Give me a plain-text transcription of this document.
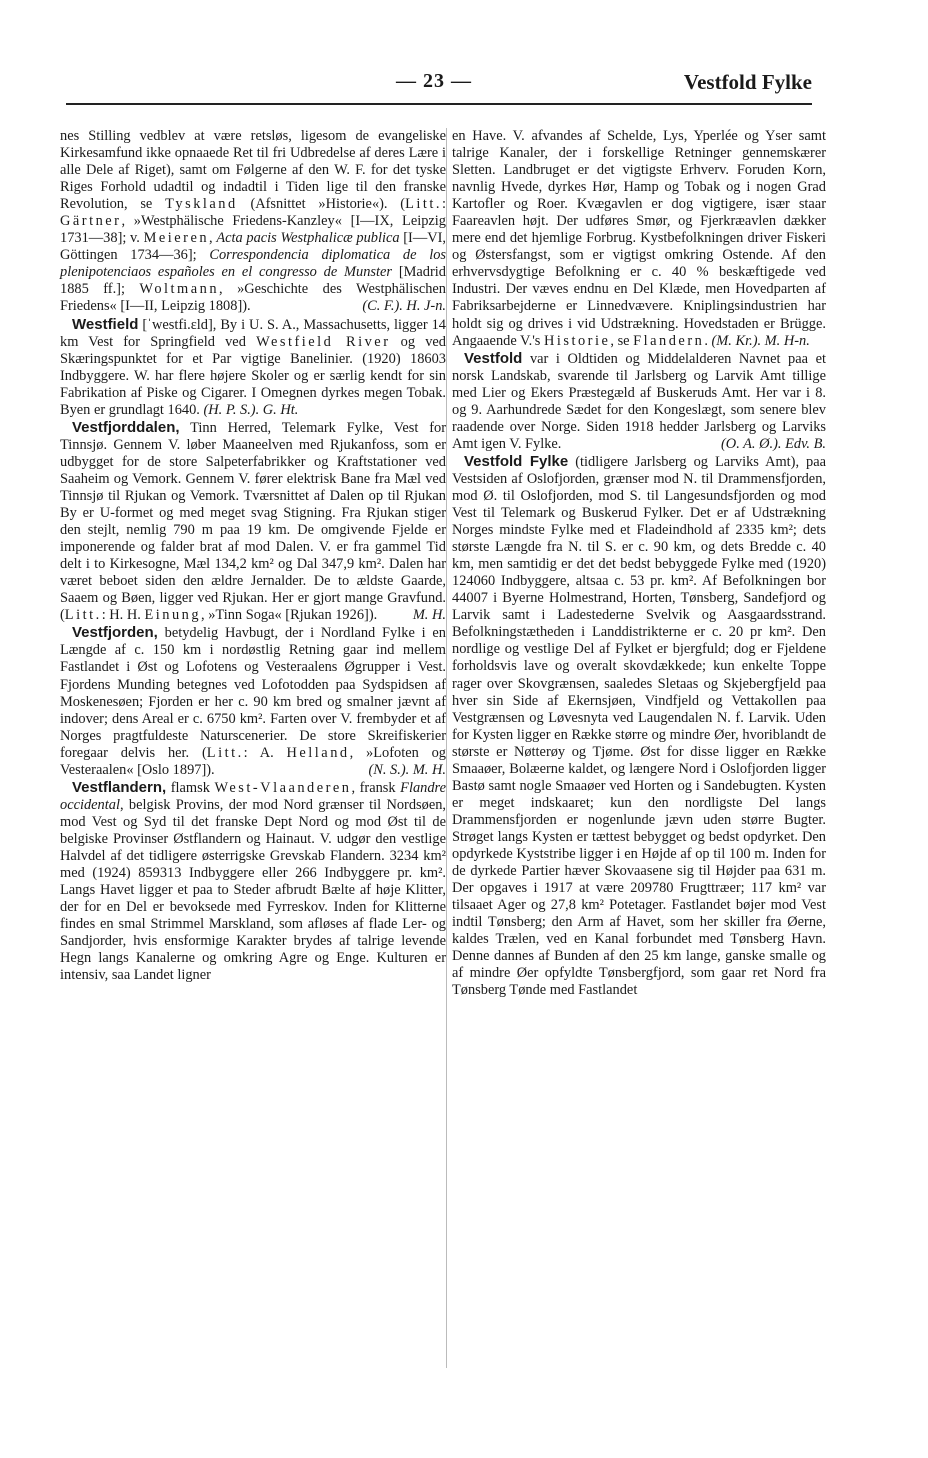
— 23 —	Vestfold Fylke

nes Stilling vedblev at være retsløs, ligesom de evangeliske Kirkesamfund ikke opnaaede Ret til fri Udbredelse af deres Lære i alle Dele af Riget), samt om Følgerne af den W. F. for det tyske Riges Forhold udadtil og indadtil i Tiden lige til den franske Revolution, se Tyskland (Afsnittet »Historie«). (Litt.: Gärtner, »Westphälische Friedens-Kanzley« [I—IX, Leipzig 1731—38]; v. Meieren, Acta pacis Westphalicæ publica [I—VI, Göttingen 1734—36]; Correspondencia diplomatica de los plenipotenciaos españoles en el congresso de Munster [Madrid 1885 ff.]; Woltmann, »Geschichte des Westphälischen Friedens« [I—II, Leipzig 1808]).	(C. F.). H. J-n.

Westfield [ˈwestfi.ɛld], By i U. S. A., Massachusetts, ligger 14 km Vest for Springfield ved Westfield River og ved Skæringspunktet for et Par vigtige Banelinier. (1920) 18603 Indbyggere. W. har flere højere Skoler og er særlig kendt for sin Fabrikation af Piske og Cigarer. I Omegnen dyrkes megen Tobak. Byen er grundlagt 1640. (H. P. S.). G. Ht.

Vestfjorddalen, Tinn Herred, Telemark Fylke, Vest for Tinnsjø. Gennem V. løber Maaneelven med Rjukanfoss, som er udbygget for de store Salpeterfabrikker og Kraftstationer ved Saaheim og Vemork. Gennem V. fører elektrisk Bane fra Mæl ved Tinnsjø til Rjukan og Vemork. Tværsnittet af Dalen op til Rjukan By er U-formet og med meget svag Stigning. Fra Rjukan stiger den stejlt, nemlig 790 m paa 19 km. De omgivende Fjelde er imponerende og falder brat af mod Dalen. V. er fra gammel Tid delt i to Kirkesogne, Mæl 134,2 km² og Dal 347,9 km². Dalen har været beboet siden den ældre Jernalder. De to ældste Gaarde, Saaem og Bøen, ligger ved Rjukan. Her er gjort mange Gravfund. (Litt.: H. H. Einung, »Tinn Soga« [Rjukan 1926]).	M. H.

Vestfjorden, betydelig Havbugt, der i Nordland Fylke i en Længde af c. 150 km i nordøstlig Retning gaar ind mellem Fastlandet i Øst og Lofotens og Vesteraalens Øgrupper i Vest. Fjordens Munding betegnes ved Lofotodden paa Sydspidsen af Moskenesøen; Fjorden er her c. 90 km bred og smalner jævnt af indover; dens Areal er c. 6750 km². Farten over V. frembyder et af Norges pragtfuldeste Naturscenerier. De store Skreifiskerier foregaar delvis her. (Litt.: A. Helland, »Lofoten og Vesteraalen« [Oslo 1897]).	(N. S.). M. H.

Vestflandern, flamsk West-Vlaanderen, fransk Flandre occidental, belgisk Provins, der mod Nord grænser til Nordsøen, mod Vest og Syd til det franske Dept Nord og mod Øst til de belgiske Provinser Østflandern og Hainaut. V. udgør den vestlige Halvdel af det tidligere østerrigske Grevskab Flandern. 3234 km² med (1924) 859313 Indbyggere eller 266 Indbyggere pr. km². Langs Havet ligger et paa to Steder afbrudt Bælte af høje Klitter, der for en Del er bevoksede med Fyrreskov. Inden for Klitterne findes en smal Strimmel Marskland, som afløses af flade Ler- og Sandjorder, hvis ensformige Karakter brydes af talrige levende Hegn langs Kanalerne og omkring Agre og Enge. Kulturen er intensiv, saa Landet ligner

en Have. V. afvandes af Schelde, Lys, Yperlée og Yser samt talrige Kanaler, der i forskellige Retninger gennemskærer Sletten. Landbruget er det vigtigste Erhverv. Foruden Korn, navnlig Hvede, dyrkes Hør, Hamp og Tobak og i nogen Grad Kartofler og Roer. Kvægavlen er dog vigtigere, især staar Faareavlen højt. Der udføres Smør, og Fjerkræavlen dækker mere end det hjemlige Forbrug. Kystbefolkningen driver Fiskeri og Østersfangst, som er vigtigst omkring Ostende. Af den erhvervsdygtige Befolkning er c. 40 % beskæftigede ved Industri. Der væves endnu en Del Klæde, men Hovedparten af Fabriksarbejderne er Linnedvævere. Kniplingsindustrien har holdt sig og drives i vid Udstrækning. Hovedstaden er Brügge. Angaaende V.'s Historie, se Flandern. (M. Kr.). M. H-n.

Vestfold var i Oldtiden og Middelalderen Navnet paa et norsk Landskab, svarende til Jarlsberg og Larvik Amt tillige med Lier og Ekers Præstegæld af Buskeruds Amt. Her var i 8. og 9. Aarhundrede Sædet for den Kongeslægt, som senere blev raadende over Norge. Siden 1918 hedder Jarlsberg og Larviks Amt igen V. Fylke.	(O. A. Ø.). Edv. B.

Vestfold Fylke (tidligere Jarlsberg og Larviks Amt), paa Vestsiden af Oslofjorden, grænser mod N. til Drammensfjorden, mod Ø. til Oslofjorden, mod S. til Langesundsfjorden og mod Vest til Telemark og Buskerud Fylker. Det er af Udstrækning Norges mindste Fylke med et Fladeindhold af 2335 km²; dets største Længde fra N. til S. er c. 90 km, og dets Bredde c. 40 km, men samtidig er det det bedst bebyggede Fylke med (1920) 124060 Indbyggere, altsaa c. 53 pr. km². Af Befolkningen bor 44007 i Byerne Holmestrand, Horten, Tønsberg, Sandefjord og Larvik samt i Ladestederne Svelvik og Aasgaardsstrand. Befolkningstætheden i Landdistrikterne er c. 20 pr km². Den nordlige og vestlige Del af Fylket er bjergfuld; dog er Fjeldene forholdsvis lave og overalt skovdækkede; kun enkelte Toppe rager over Skovgrænsen, saaledes Sletaas og Skjebergfjeld paa hver sin Side af Ekernsjøen, Vindfjeld og Vettakollen paa Vestgrænsen og Løvesnyta ved Laugendalen N. f. Larvik. Uden for Kysten ligger en Række større og mindre Øer, hvoriblandt de største er Nøtterøy og Tjøme. Øst for disse ligger en Række Smaaøer, Bolæerne kaldet, og længere Nord i Oslofjorden ligger Bastø samt nogle Smaaøer ved Horten og i Sandebugten. Kysten er meget indskaaret; kun den nordligste Del langs Drammensfjorden er nogenlunde jævn uden større Bugter. Strøget langs Kysten er tættest bebygget og bedst opdyrket. Den opdyrkede Kyststribe ligger i en Højde af op til 100 m. Inden for de dyrkede Partier hæver Skovaasene sig til Højder paa 631 m. Der opgaves i 1917 at være 209780 Frugttræer; 117 km² var tilsaaet Ager og 27,8 km² Potetager. Fastlandet bøjer mod Vest indtil Tønsberg; den Arm af Havet, som her skiller fra Øerne, kaldes Trælen, ved en Kanal forbundet med Tønsberg Havn. Denne dannes af Bunden af den 25 km lange, ganske smalle og af mindre Øer opfyldte Tønsbergfjord, som gaar ret Nord fra Tønsberg Tønde med Fastlandet
